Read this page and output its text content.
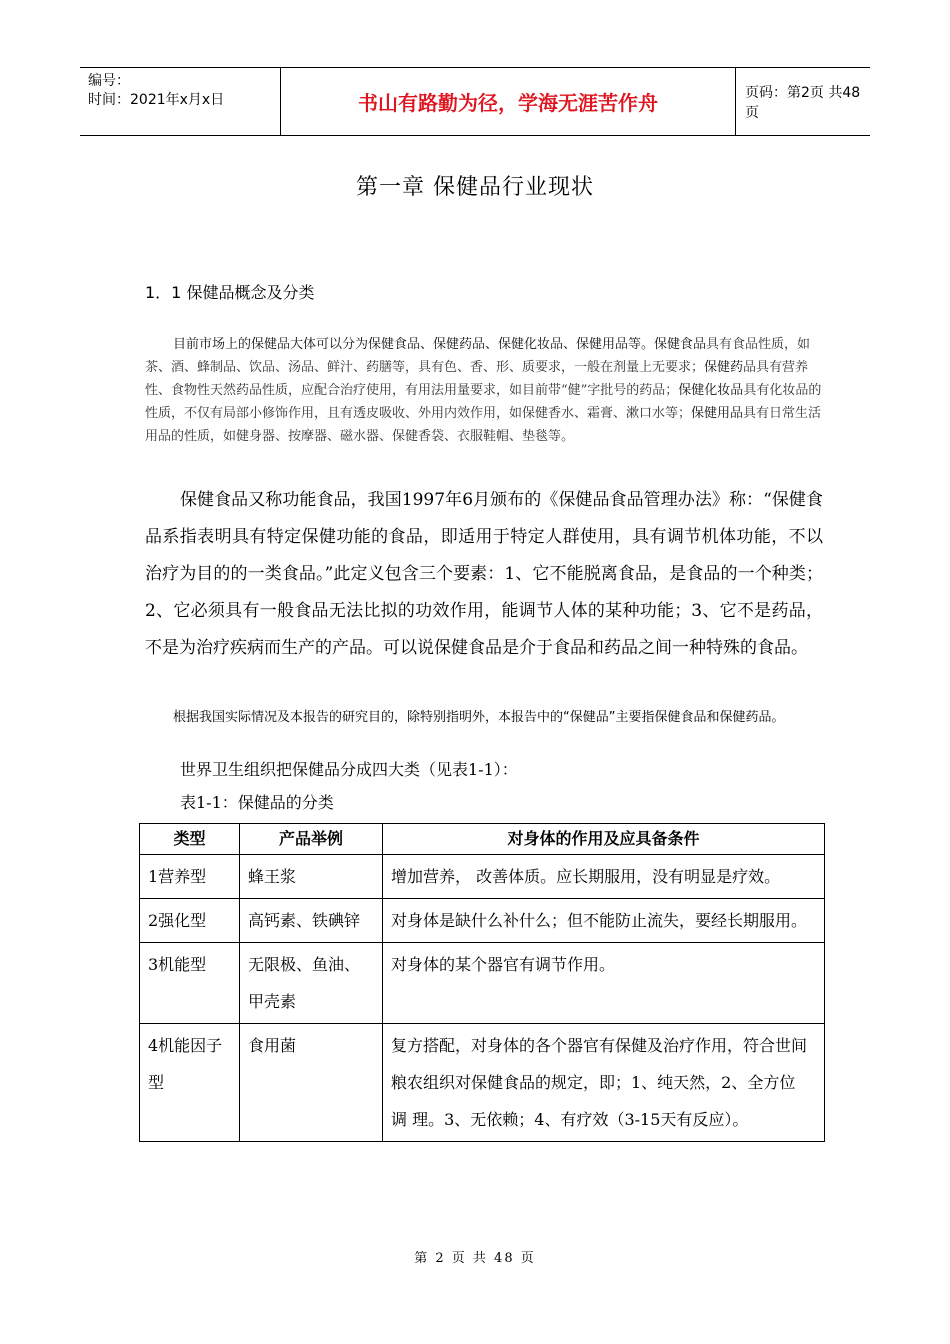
编号：
时间：2021年x月x日	书山有路勤为径，学海无涯苦作舟	页码：第2页 共48页
第一章 保健品行业现状
1．1 保健品概念及分类
目前市场上的保健品大体可以分为保健食品、保健药品、保健化妆品、保健用品等。保健食品具有食品性质，如茶、酒、蜂制品、饮品、汤品、鲜汁、药膳等，具有色、香、形、质要求，一般在剂量上无要求；保健药品具有营养性、食物性天然药品性质，应配合治疗使用，有用法用量要求，如目前带“健”字批号的药品；保健化妆品具有化妆品的性质，不仅有局部小修饰作用，且有透皮吸收、外用内效作用，如保健香水、霜膏、漱口水等；保健用品具有日常生活用品的性质，如健身器、按摩器、磁水器、保健香袋、衣服鞋帽、垫毯等。
保健食品又称功能食品，我国1997年6月颁布的《保健品食品管理办法》称：“保健食品系指表明具有特定保健功能的食品，即适用于特定人群使用，具有调节机体功能，不以治疗为目的的一类食品。”此定义包含三个要素：1、它不能脱离食品，是食品的一个种类；2、它必须具有一般食品无法比拟的功效作用，能调节人体的某种功能；3、它不是药品，不是为治疗疾病而生产的产品。可以说保健食品是介于食品和药品之间一种特殊的食品。
根据我国实际情况及本报告的研究目的，除特别指明外，本报告中的“保健品”主要指保健食品和保健药品。
世界卫生组织把保健品分成四大类（见表1-1）：
表1-1：保健品的分类
类型	产品举例	对身体的作用及应具备条件
1营养型	蜂王浆	增加营养， 改善体质。应长期服用，没有明显是疗效。
2强化型	高钙素、铁碘锌	对身体是缺什么补什么；但不能防止流失，要经长期服用。
3机能型	无限极、鱼油、甲壳素	对身体的某个器官有调节作用。
4机能因子型	食用菌	复方搭配，对身体的各个器官有保健及治疗作用，符合世间粮农组织对保健食品的规定，即；1、纯天然，2、全方位 调 理。3、无依赖；4、有疗效（3-15天有反应）。
第 2 页 共 48 页
